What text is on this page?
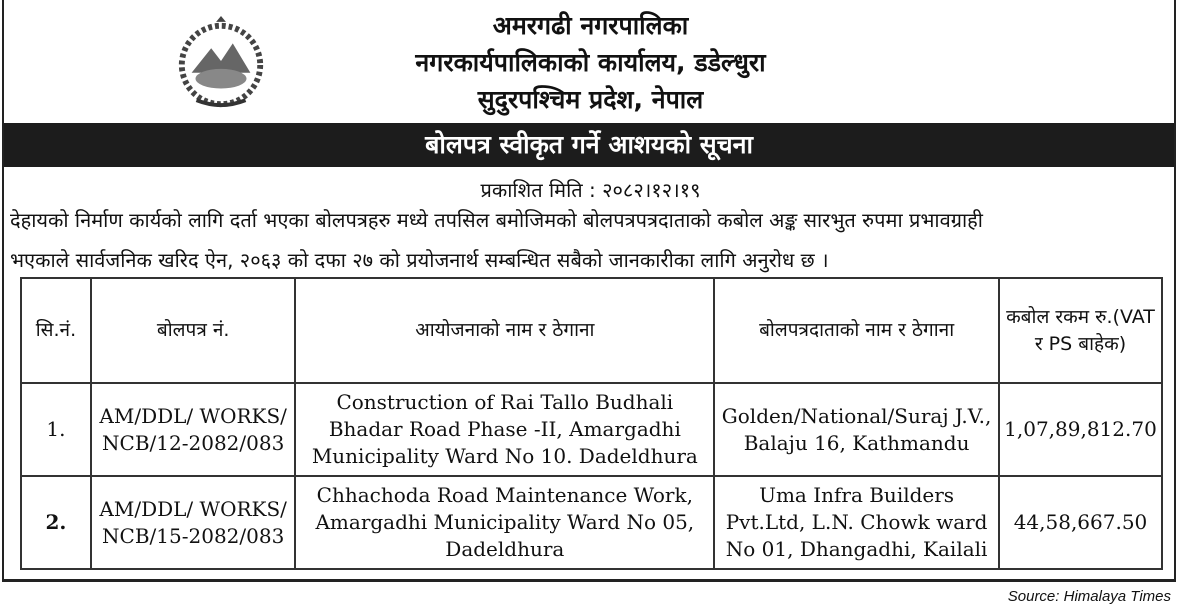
अमरगढी नगरपालिका
नगरकार्यपालिकाको कार्यालय, डडेल्धुरा
सुदुरपश्चिम प्रदेश, नेपाल
बोलपत्र स्वीकृत गर्ने आशयको सूचना
प्रकाशित मिति : २०८२।१२।१९
देहायको निर्माण कार्यको लागि दर्ता भएका बोलपत्रहरु मध्ये तपसिल बमोजिमको बोलपत्रपत्रदाताको कबोल अङ्क सारभुत रुपमा प्रभावग्राही
भएकाले सार्वजनिक खरिद ऐन, २०६३ को दफा २७ को प्रयोजनार्थ सम्बन्धित सबैको जानकारीका लागि अनुरोध छ ।
सि.नं.	बोलपत्र नं.	आयोजनाको नाम र ठेगाना	बोलपत्रदाताको नाम र ठेगाना	कबोल रकम रु.(VAT र PS बाहेक)
1.	AM/DDL/ WORKS/ NCB/12-2082/083	Construction of Rai Tallo Budhali Bhadar Road Phase -II, Amargadhi Municipality Ward No 10. Dadeldhura	Golden/National/Suraj J.V., Balaju 16, Kathmandu	1,07,89,812.70
2.	AM/DDL/ WORKS/ NCB/15-2082/083	Chhachoda Road Maintenance Work, Amargadhi Municipality Ward No 05, Dadeldhura	Uma Infra Builders Pvt.Ltd, L.N. Chowk ward No 01, Dhangadhi, Kailali	44,58,667.50
Source: Himalaya Times
